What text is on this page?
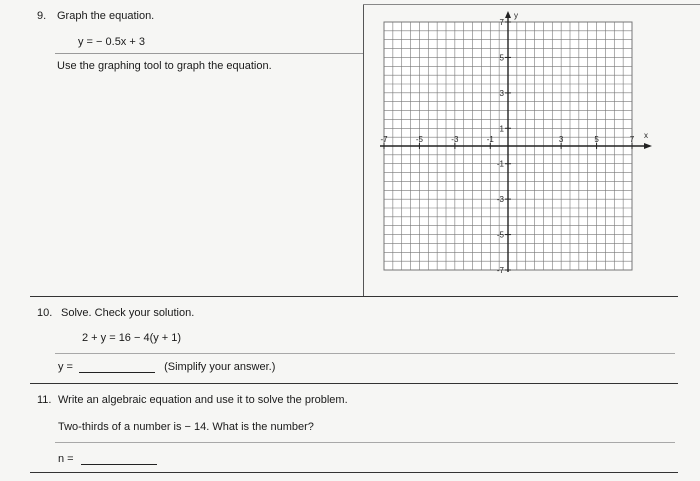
9. Graph the equation.
y = − 0.5x + 3
Use the graphing tool to graph the equation.
-7	-5	-3	-1	3	5	7
7
5
3
1
-1
-3
-5
-7
x
y
10. Solve. Check your solution.
2 + y = 16 − 4(y + 1)
y =	(Simplify your answer.)
11. Write an algebraic equation and use it to solve the problem.
Two-thirds of a number is − 14. What is the number?
n =
